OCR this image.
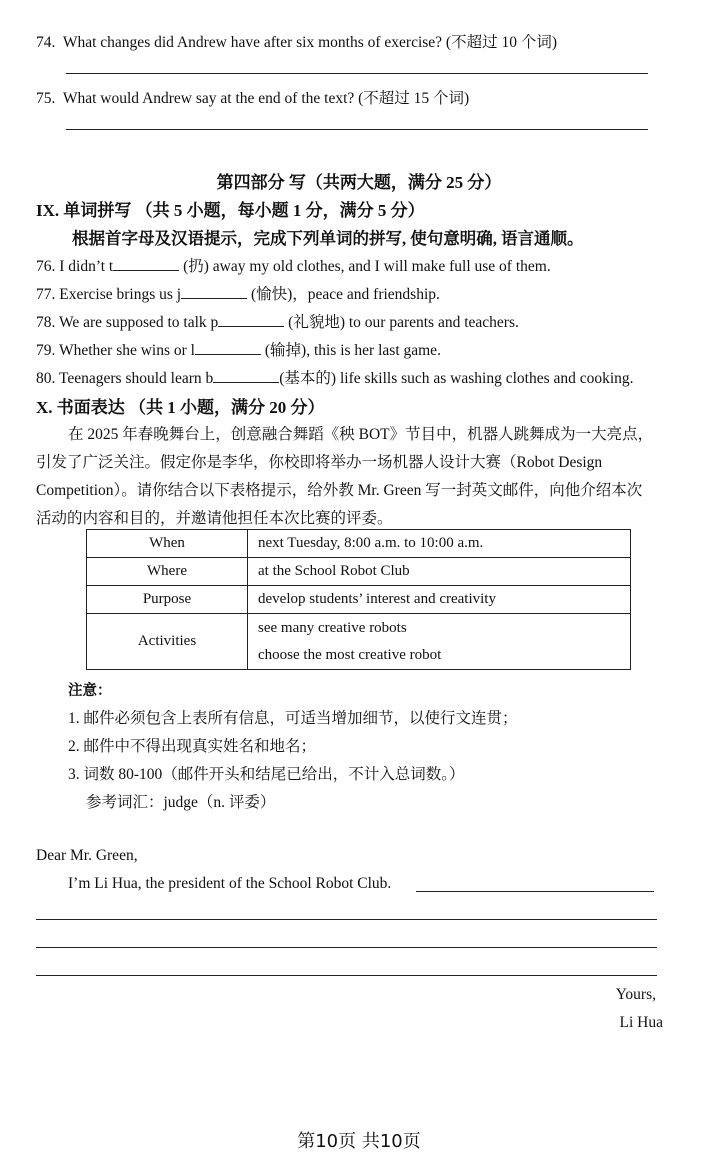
74. What changes did Andrew have after six months of exercise? (不超过 10 个词)
75. What would Andrew say at the end of the text? (不超过 15 个词)
第四部分 写（共两大题，满分 25 分）
IX. 单词拼写 （共 5 小题，每小题 1 分，满分 5 分）
根据首字母及汉语提示，完成下列单词的拼写, 使句意明确, 语言通顺。
76. I didn’t t	(扔) away my old clothes, and I will make full use of them.
77. Exercise brings us j	(愉快)，peace and friendship.
78. We are supposed to talk p	(礼貌地) to our parents and teachers.
79. Whether she wins or l	(输掉), this is her last game.
80. Teenagers should learn b	(基本的) life skills such as washing clothes and cooking.
X. 书面表达 （共 1 小题，满分 20 分）
在 2025 年春晚舞台上，创意融合舞蹈《秧 BOT》节目中，机器人跳舞成为一大亮点，
引发了广泛关注。假定你是李华，你校即将举办一场机器人设计大赛（Robot Design
Competition）。请你结合以下表格提示，给外教 Mr. Green 写一封英文邮件，向他介绍本次
活动的内容和目的，并邀请他担任本次比赛的评委。
When	next Tuesday, 8:00 a.m. to 10:00 a.m.
Where	at the School Robot Club
Purpose	develop students’ interest and creativity
Activities	see many creative robots
choose the most creative robot
注意：
1. 邮件必须包含上表所有信息，可适当增加细节，以使行文连贯；
2. 邮件中不得出现真实姓名和地名；
3. 词数 80-100（邮件开头和结尾已给出，不计入总词数。）
参考词汇：judge（n. 评委）
Dear Mr. Green,
I’m Li Hua, the president of the School Robot Club.
Yours,
Li Hua
第10页 共10页
